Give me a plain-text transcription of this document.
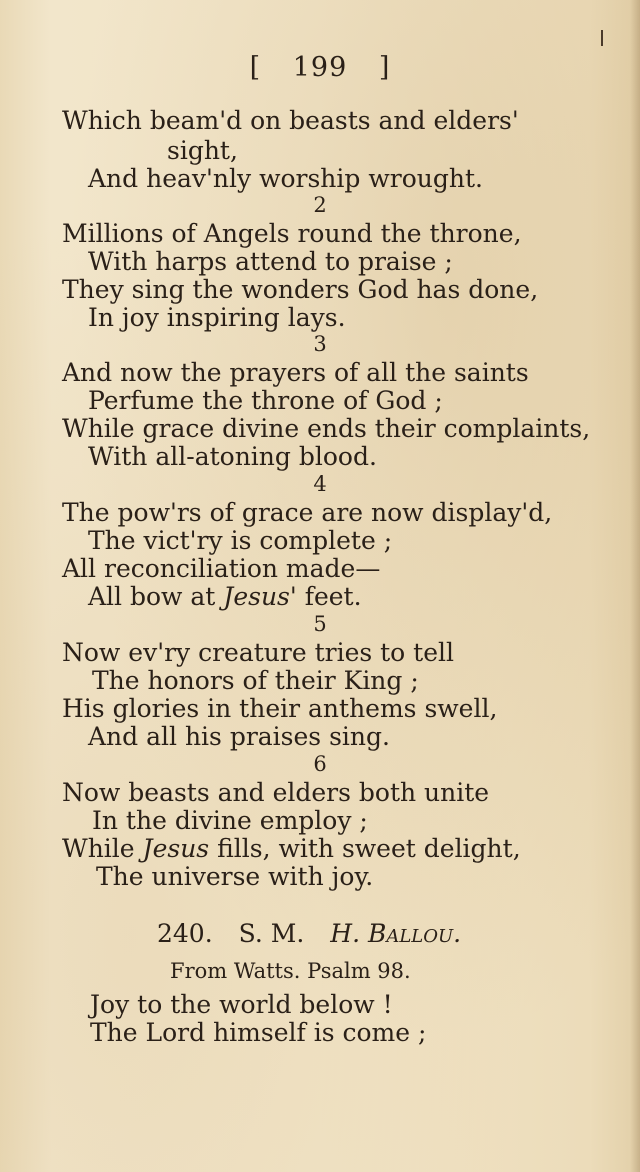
[ 199 ]
Which beam'd on beasts and elders'
sight,
And heav'nly worship wrought.
2
Millions of Angels round the throne,
With harps attend to praise ;
They sing the wonders God has done,
In joy inspiring lays.
3
And now the prayers of all the saints
Perfume the throne of God ;
While grace divine ends their complaints,
With all-atoning blood.
4
The pow'rs of grace are now display'd,
The vict'ry is complete ;
All reconciliation made—
All bow at Jesus' feet.
5
Now ev'ry creature tries to tell
The honors of their King ;
His glories in their anthems swell,
And all his praises sing.
6
Now beasts and elders both unite
In the divine employ ;
While Jesus fills, with sweet delight,
The universe with joy.
240. S. M. H. Ballou.
From Watts. Psalm 98.
Joy to the world below !
The Lord himself is come ;
